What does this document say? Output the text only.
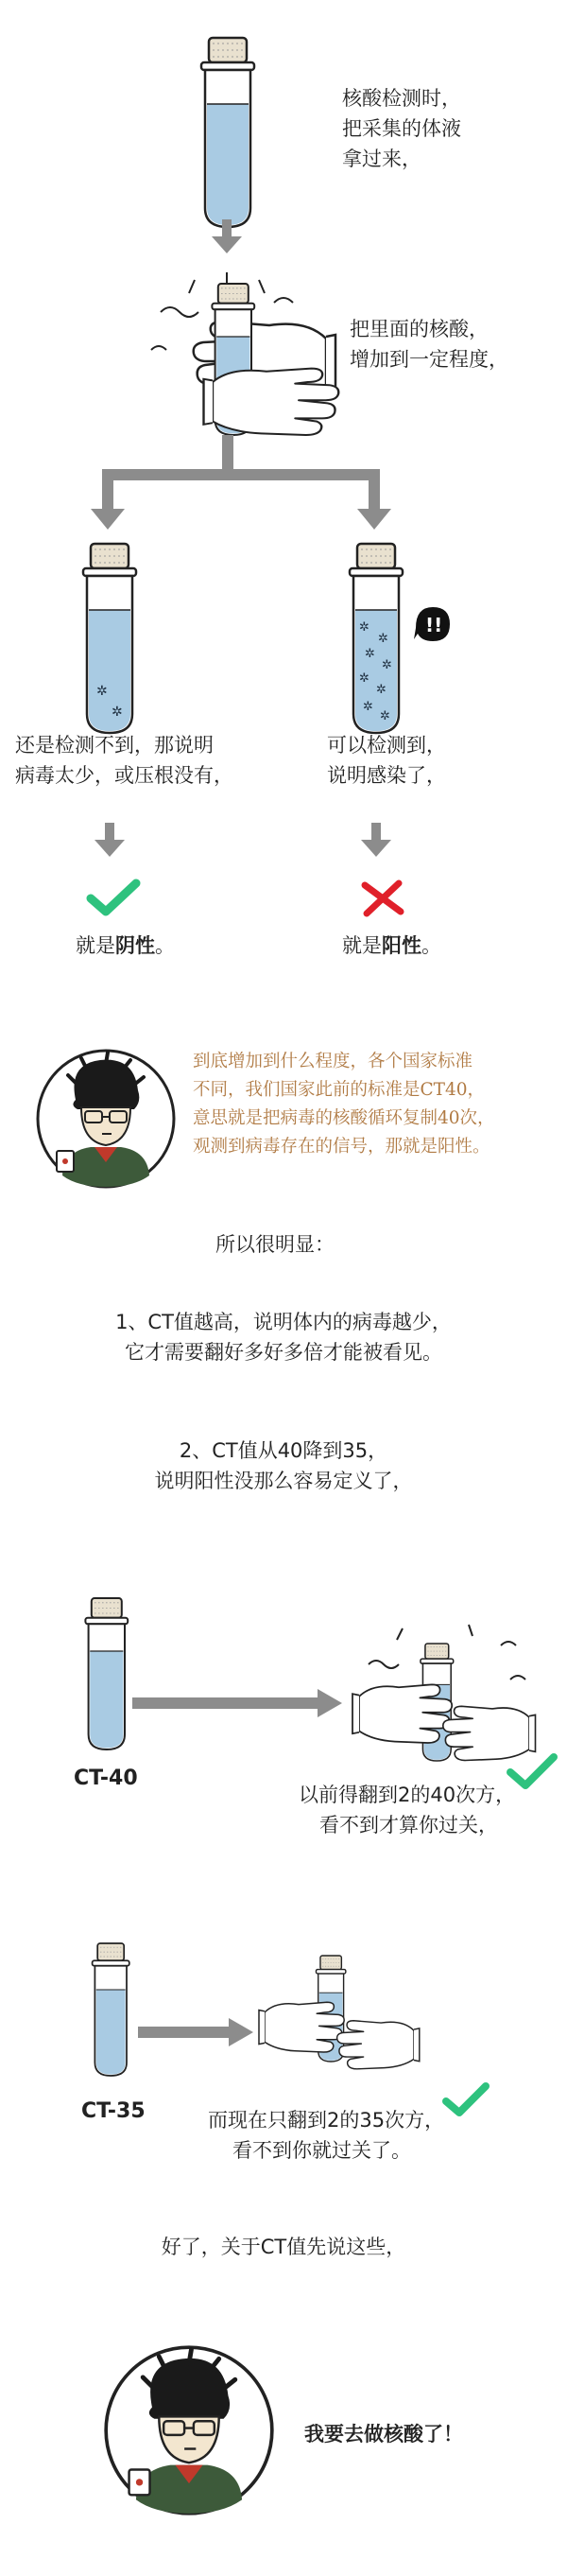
核酸检测时，
把采集的体液
拿过来，
把里面的核酸，
增加到一定程度，
✲
✲
还是检测不到，那说明
病毒太少，或压根没有，
就是阴性。
✲
✲
✲
✲
✲
✲
✲
✲
!!
可以检测到，
说明感染了，
就是阳性。
到底增加到什么程度，各个国家标准
不同，我们国家此前的标准是CT40，
意思就是把病毒的核酸循环复制40次，
观测到病毒存在的信号，那就是阳性。
所以很明显：
1、CT值越高，说明体内的病毒越少，
它才需要翻好多好多倍才能被看见。
2、CT值从40降到35，
说明阳性没那么容易定义了，
CT-40
以前得翻到2的40次方，
看不到才算你过关，
CT-35	而现在只翻到2的35次方，
看不到你就过关了。
好了，关于CT值先说这些，
我要去做核酸了！
